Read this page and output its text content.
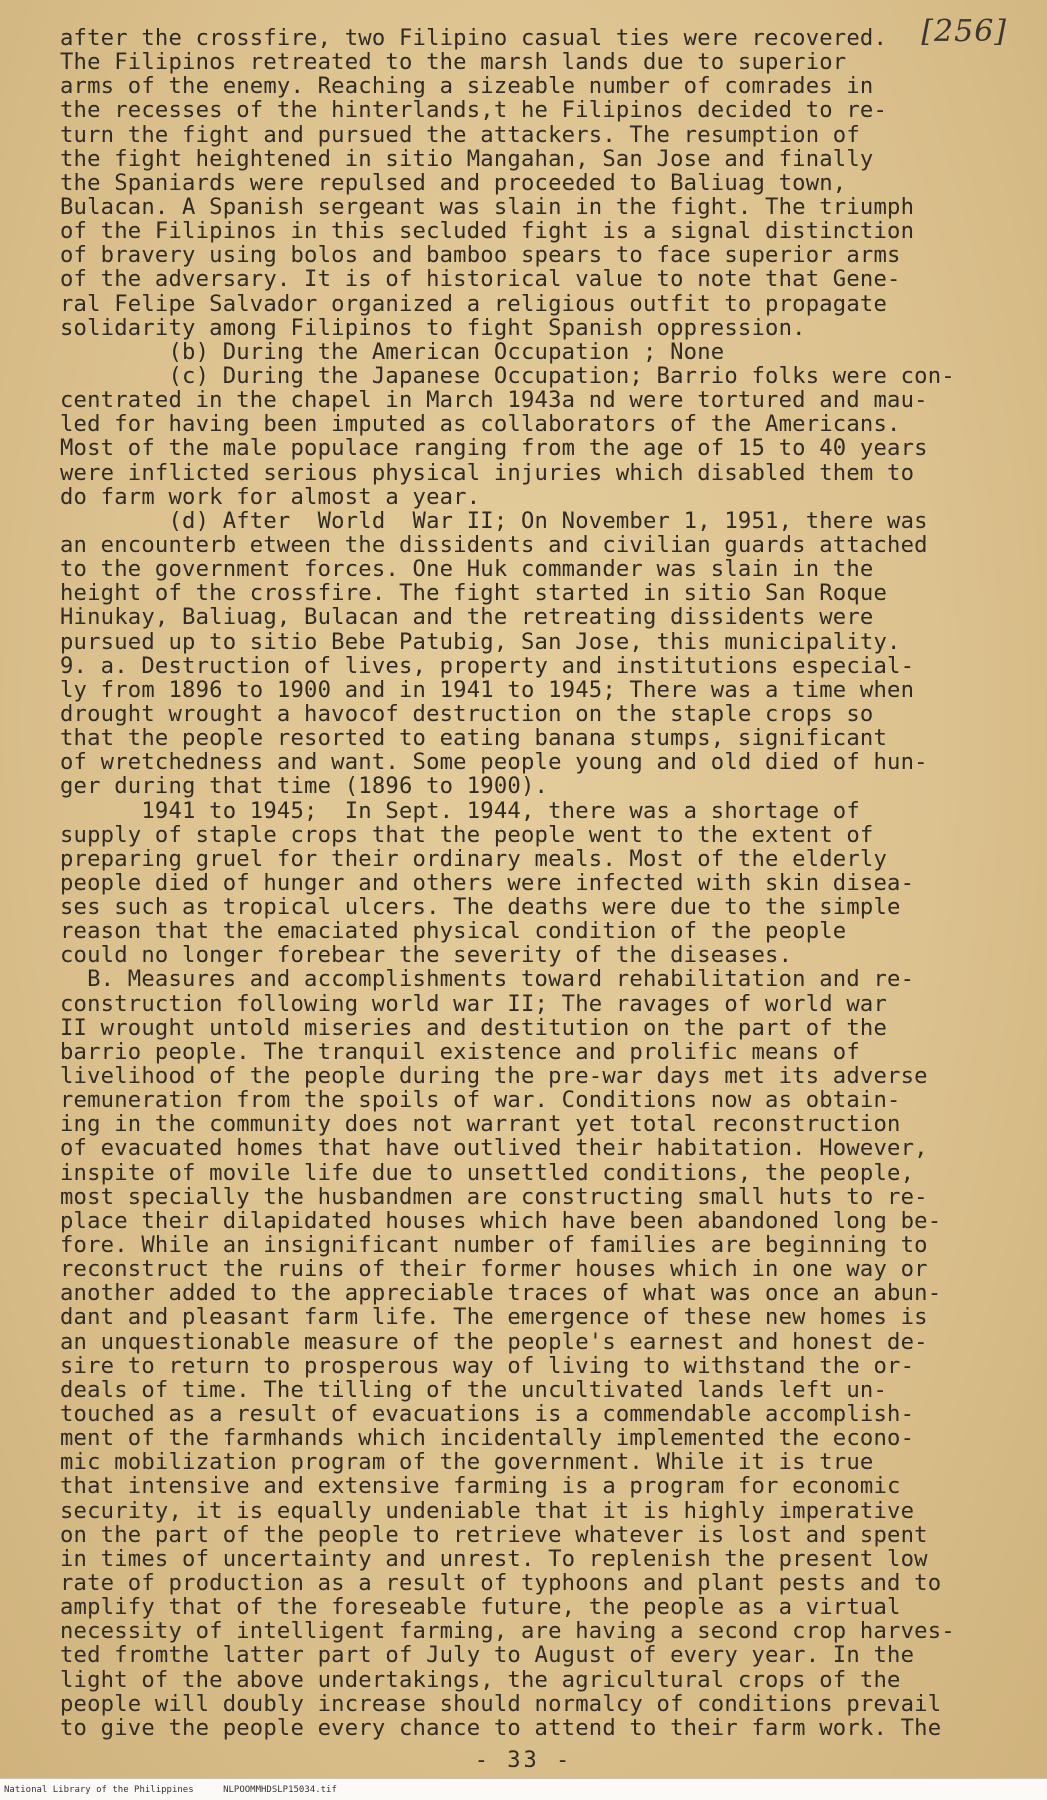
[256]
after the crossfire, two Filipino casual ties were recovered.
The Filipinos retreated to the marsh lands due to superior
arms of the enemy. Reaching a sizeable number of comrades in
the recesses of the hinterlands,t he Filipinos decided to re-
turn the fight and pursued the attackers. The resumption of
the fight heightened in sitio Mangahan, San Jose and finally
the Spaniards were repulsed and proceeded to Baliuag town,
Bulacan. A Spanish sergeant was slain in the fight. The triumph
of the Filipinos in this secluded fight is a signal distinction
of bravery using bolos and bamboo spears to face superior arms
of the adversary. It is of historical value to note that Gene-
ral Felipe Salvador organized a religious outfit to propagate
solidarity among Filipinos to fight Spanish oppression.
(b) During the American Occupation ; None
(c) During the Japanese Occupation; Barrio folks were con-
centrated in the chapel in March 1943a nd were tortured and mau-
led for having been imputed as collaborators of the Americans.
Most of the male populace ranging from the age of 15 to 40 years
were inflicted serious physical injuries which disabled them to
do farm work for almost a year.
(d) After  World  War II; On November 1, 1951, there was
an encounterb etween the dissidents and civilian guards attached
to the government forces. One Huk commander was slain in the
height of the crossfire. The fight started in sitio San Roque
Hinukay, Baliuag, Bulacan and the retreating dissidents were
pursued up to sitio Bebe Patubig, San Jose, this municipality.
9. a. Destruction of lives, property and institutions especial-
ly from 1896 to 1900 and in 1941 to 1945; There was a time when
drought wrought a havocof destruction on the staple crops so
that the people resorted to eating banana stumps, significant
of wretchedness and want. Some people young and old died of hun-
ger during that time (1896 to 1900).
1941 to 1945;  In Sept. 1944, there was a shortage of
supply of staple crops that the people went to the extent of
preparing gruel for their ordinary meals. Most of the elderly
people died of hunger and others were infected with skin disea-
ses such as tropical ulcers. The deaths were due to the simple
reason that the emaciated physical condition of the people
could no longer forebear the severity of the diseases.
B. Measures and accomplishments toward rehabilitation and re-
construction following world war II; The ravages of world war
II wrought untold miseries and destitution on the part of the
barrio people. The tranquil existence and prolific means of
livelihood of the people during the pre-war days met its adverse
remuneration from the spoils of war. Conditions now as obtain-
ing in the community does not warrant yet total reconstruction
of evacuated homes that have outlived their habitation. However,
inspite of movile life due to unsettled conditions, the people,
most specially the husbandmen are constructing small huts to re-
place their dilapidated houses which have been abandoned long be-
fore. While an insignificant number of families are beginning to
reconstruct the ruins of their former houses which in one way or
another added to the appreciable traces of what was once an abun-
dant and pleasant farm life. The emergence of these new homes is
an unquestionable measure of the people's earnest and honest de-
sire to return to prosperous way of living to withstand the or-
deals of time. The tilling of the uncultivated lands left un-
touched as a result of evacuations is a commendable accomplish-
ment of the farmhands which incidentally implemented the econo-
mic mobilization program of the government. While it is true
that intensive and extensive farming is a program for economic
security, it is equally undeniable that it is highly imperative
on the part of the people to retrieve whatever is lost and spent
in times of uncertainty and unrest. To replenish the present low
rate of production as a result of typhoons and plant pests and to
amplify that of the foreseable future, the people as a virtual
necessity of intelligent farming, are having a second crop harves-
ted fromthe latter part of July to August of every year. In the
light of the above undertakings, the agricultural crops of the
people will doubly increase should normalcy of conditions prevail
to give the people every chance to attend to their farm work. The
- 33 -
National Library of the Philippines	NLPOOMMHDSLP15034.tif
